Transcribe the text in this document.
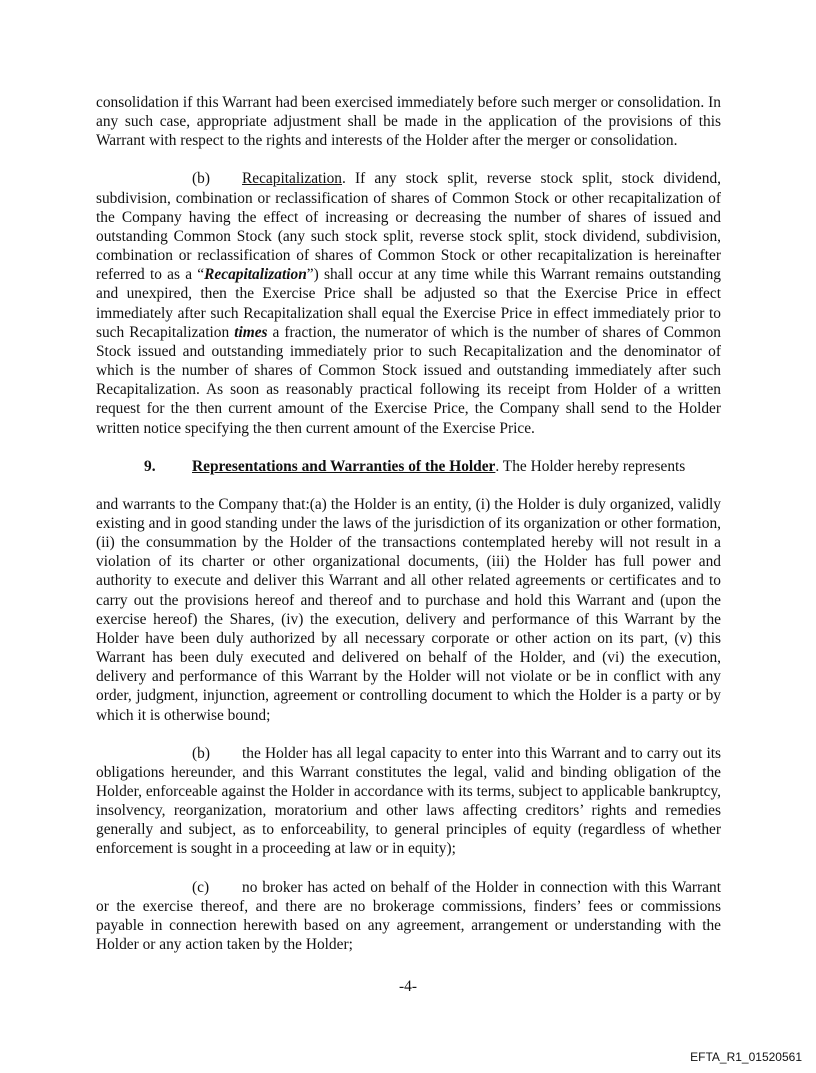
consolidation if this Warrant had been exercised immediately before such merger or consolidation. In any such case, appropriate adjustment shall be made in the application of the provisions of this Warrant with respect to the rights and interests of the Holder after the merger or consolidation.

(b) Recapitalization. If any stock split, reverse stock split, stock dividend, subdivision, combination or reclassification of shares of Common Stock or other recapitalization of the Company having the effect of increasing or decreasing the number of shares of issued and outstanding Common Stock (any such stock split, reverse stock split, stock dividend, subdivision, combination or reclassification of shares of Common Stock or other recapitalization is hereinafter referred to as a “Recapitalization”) shall occur at any time while this Warrant remains outstanding and unexpired, then the Exercise Price shall be adjusted so that the Exercise Price in effect immediately after such Recapitalization shall equal the Exercise Price in effect immediately prior to such Recapitalization times a fraction, the numerator of which is the number of shares of Common Stock issued and outstanding immediately prior to such Recapitalization and the denominator of which is the number of shares of Common Stock issued and outstanding immediately after such Recapitalization. As soon as reasonably practical following its receipt from Holder of a written request for the then current amount of the Exercise Price, the Company shall send to the Holder written notice specifying the then current amount of the Exercise Price.

9. Representations and Warranties of the Holder. The Holder hereby represents

and warrants to the Company that:(a) the Holder is an entity, (i) the Holder is duly organized, validly existing and in good standing under the laws of the jurisdiction of its organization or other formation, (ii) the consummation by the Holder of the transactions contemplated hereby will not result in a violation of its charter or other organizational documents, (iii) the Holder has full power and authority to execute and deliver this Warrant and all other related agreements or certificates and to carry out the provisions hereof and thereof and to purchase and hold this Warrant and (upon the exercise hereof) the Shares, (iv) the execution, delivery and performance of this Warrant by the Holder have been duly authorized by all necessary corporate or other action on its part, (v) this Warrant has been duly executed and delivered on behalf of the Holder, and (vi) the execution, delivery and performance of this Warrant by the Holder will not violate or be in conflict with any order, judgment, injunction, agreement or controlling document to which the Holder is a party or by which it is otherwise bound;

(b) the Holder has all legal capacity to enter into this Warrant and to carry out its obligations hereunder, and this Warrant constitutes the legal, valid and binding obligation of the Holder, enforceable against the Holder in accordance with its terms, subject to applicable bankruptcy, insolvency, reorganization, moratorium and other laws affecting creditors’ rights and remedies generally and subject, as to enforceability, to general principles of equity (regardless of whether enforcement is sought in a proceeding at law or in equity);

(c) no broker has acted on behalf of the Holder in connection with this Warrant or the exercise thereof, and there are no brokerage commissions, finders’ fees or commissions payable in connection herewith based on any agreement, arrangement or understanding with the Holder or any action taken by the Holder;

-4-
EFTA_R1_01520561
